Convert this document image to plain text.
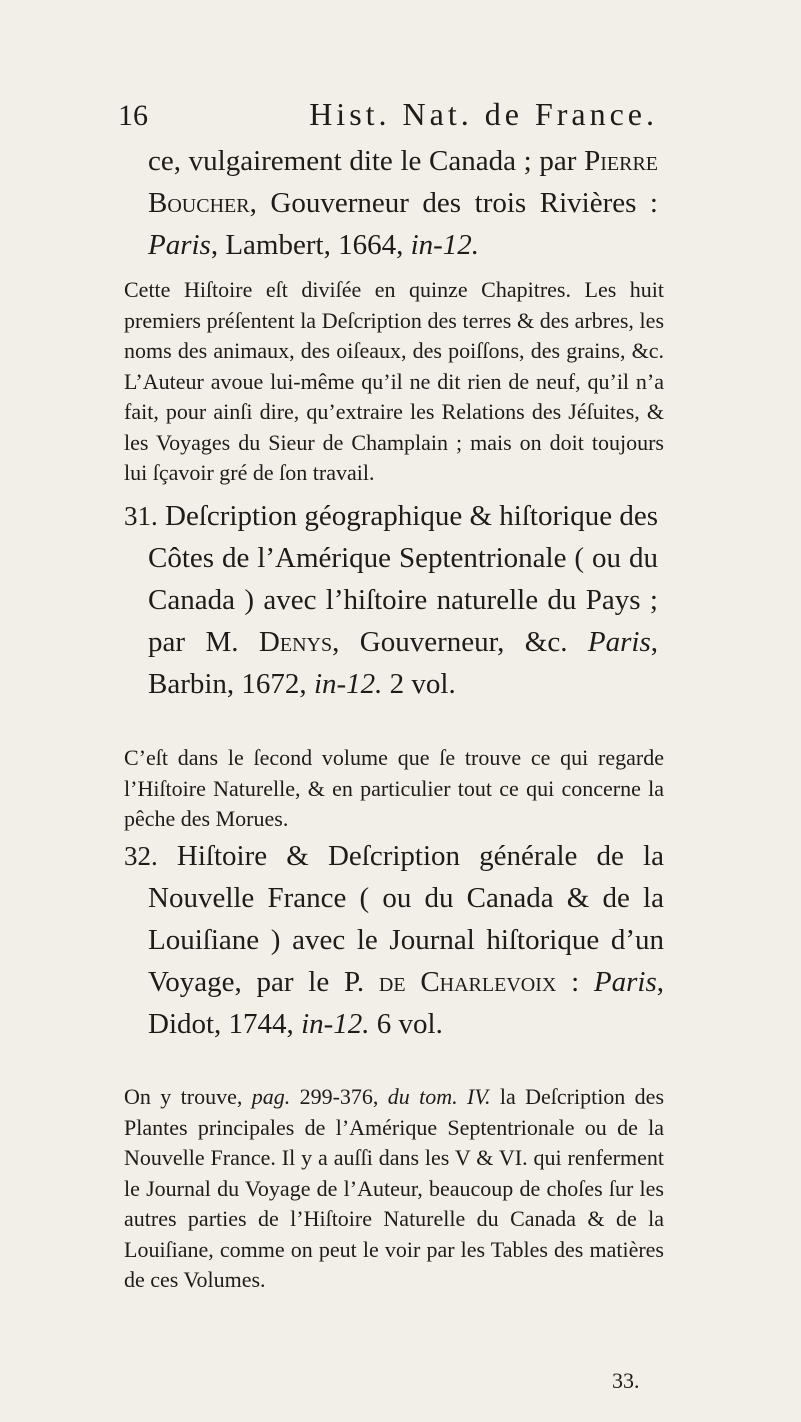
16	Hist. Nat. de France.

ce, vulgairement dite le Canada ; par Pierre Boucher, Gouverneur des trois Rivières : Paris, Lambert, 1664, in-12.

Cette Hiſtoire eſt diviſée en quinze Chapitres. Les huit premiers préſentent la Deſcription des terres & des arbres, les noms des animaux, des oiſeaux, des poiſſons, des grains, &c. L’Auteur avoue lui-même qu’il ne dit rien de neuf, qu’il n’a fait, pour ainſi dire, qu’extraire les Relations des Jéſuites, & les Voyages du Sieur de Champlain ; mais on doit toujours lui ſçavoir gré de ſon travail.

31. Deſcription géographique & hiſtorique des Côtes de l’Amérique Septentrionale ( ou du Canada ) avec l’hiſtoire naturelle du Pays ; par M. Denys, Gouverneur, &c. Paris, Barbin, 1672, in-12. 2 vol.

C’eſt dans le ſecond volume que ſe trouve ce qui regarde l’Hiſtoire Naturelle, & en particulier tout ce qui concerne la pêche des Morues.

32. Hiſtoire & Deſcription générale de la Nouvelle France ( ou du Canada & de la Louiſiane ) avec le Journal hiſtorique d’un Voyage, par le P. de Charlevoix : Paris, Didot, 1744, in-12. 6 vol.

On y trouve, pag. 299-376, du tom. IV. la Deſcription des Plantes principales de l’Amérique Septentrionale ou de la Nouvelle France. Il y a auſſi dans les V & VI. qui renferment le Journal du Voyage de l’Auteur, beaucoup de choſes ſur les autres parties de l’Hiſtoire Naturelle du Canada & de la Louiſiane, comme on peut le voir par les Tables des matières de ces Volumes.

33.
